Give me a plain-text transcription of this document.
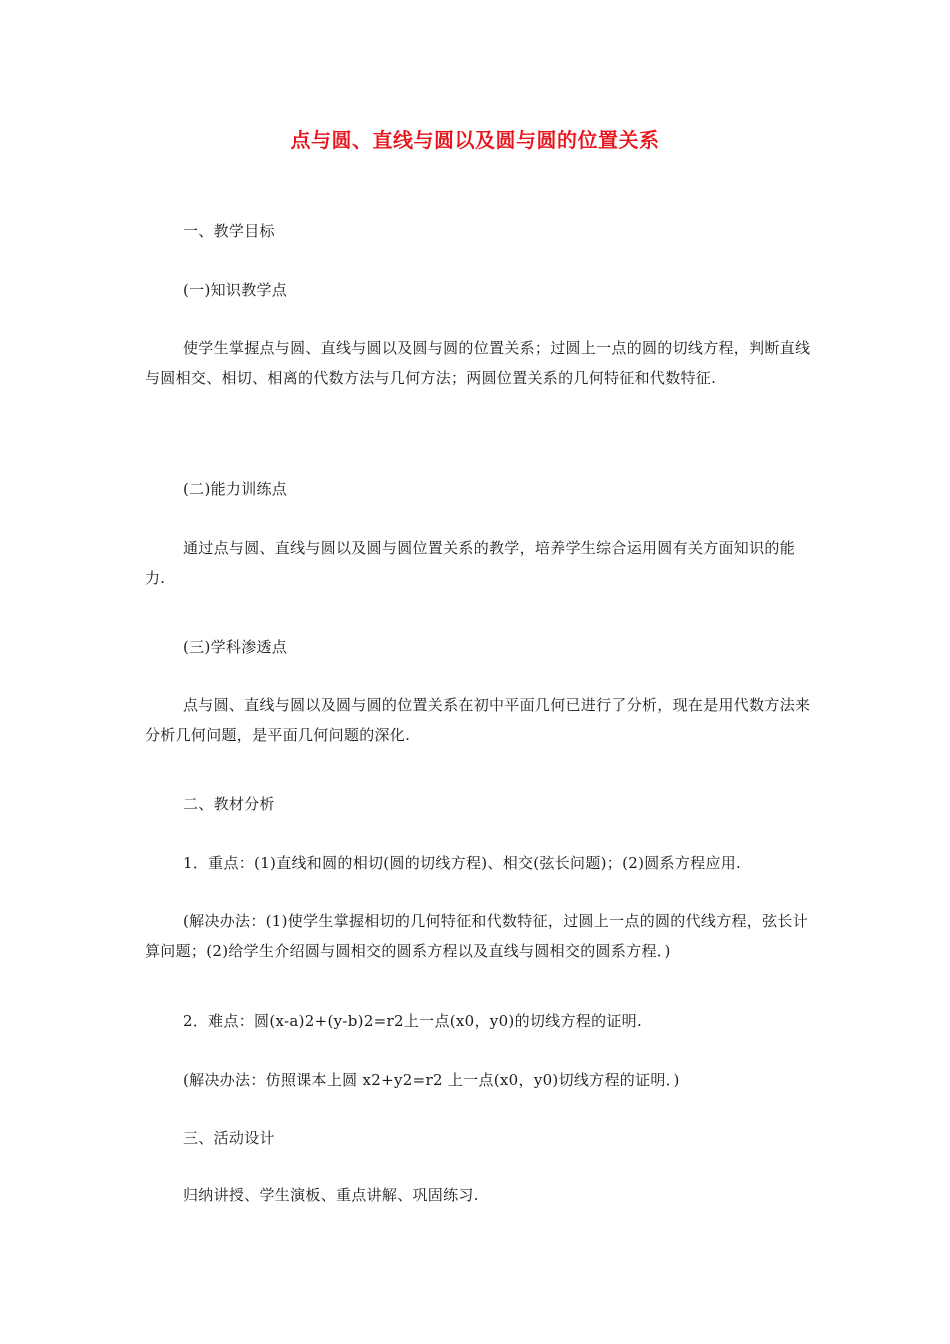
点与圆、直线与圆以及圆与圆的位置关系
一、教学目标
(一)知识教学点

使学生掌握点与圆、直线与圆以及圆与圆的位置关系；过圆上一点的圆的切线方程，判断直线与圆相交、相切、相离的代数方法与几何方法；两圆位置关系的几何特征和代数特征.

(二)能力训练点

通过点与圆、直线与圆以及圆与圆位置关系的教学，培养学生综合运用圆有关方面知识的能力.

(三)学科渗透点

点与圆、直线与圆以及圆与圆的位置关系在初中平面几何已进行了分析，现在是用代数方法来分析几何问题，是平面几何问题的深化.

二、教材分析
1．重点：(1)直线和圆的相切(圆的切线方程)、相交(弦长问题)；(2)圆系方程应用.

(解决办法：(1)使学生掌握相切的几何特征和代数特征，过圆上一点的圆的代线方程，弦长计算问题；(2)给学生介绍圆与圆相交的圆系方程以及直线与圆相交的圆系方程．)

2．难点：圆(x-a)2+(y-b)2=r2上一点(x0，y0)的切线方程的证明.
(解决办法：仿照课本上圆 x2+y2=r2 上一点(x0，y0)切线方程的证明．)
三、活动设计
归纳讲授、学生演板、重点讲解、巩固练习.
